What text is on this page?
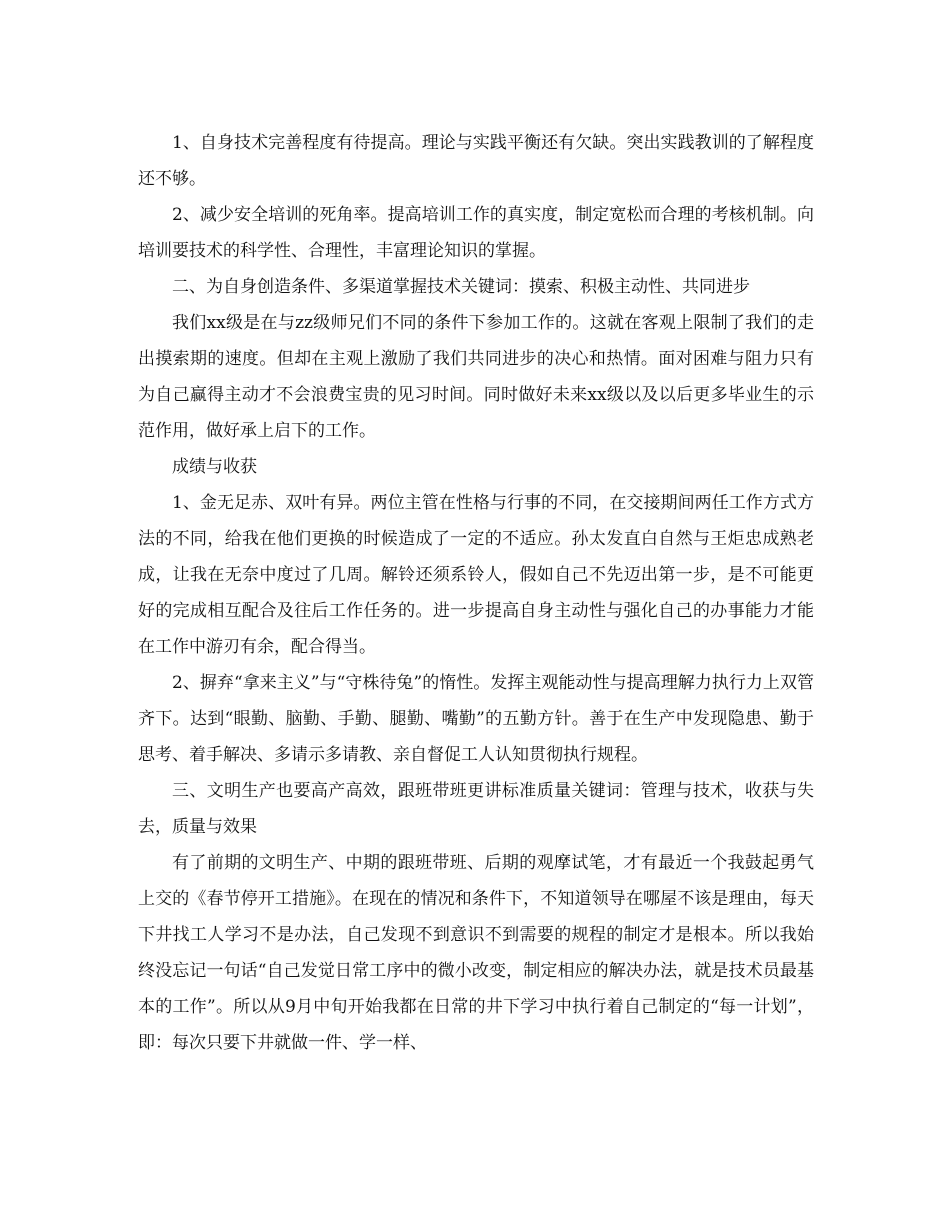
1、自身技术完善程度有待提高。理论与实践平衡还有欠缺。突出实践教训的了解程度还不够。

2、减少安全培训的死角率。提高培训工作的真实度，制定宽松而合理的考核机制。向培训要技术的科学性、合理性，丰富理论知识的掌握。

二、为自身创造条件、多渠道掌握技术关键词：摸索、积极主动性、共同进步

我们xx级是在与zz级师兄们不同的条件下参加工作的。这就在客观上限制了我们的走出摸索期的速度。但却在主观上激励了我们共同进步的决心和热情。面对困难与阻力只有为自己赢得主动才不会浪费宝贵的见习时间。同时做好未来xx级以及以后更多毕业生的示范作用，做好承上启下的工作。

成绩与收获

1、金无足赤、双叶有异。两位主管在性格与行事的不同，在交接期间两任工作方式方法的不同，给我在他们更换的时候造成了一定的不适应。孙太发直白自然与王炬忠成熟老成，让我在无奈中度过了几周。解铃还须系铃人，假如自己不先迈出第一步，是不可能更好的完成相互配合及往后工作任务的。进一步提高自身主动性与强化自己的办事能力才能在工作中游刃有余，配合得当。

2、摒弃“拿来主义”与“守株待兔”的惰性。发挥主观能动性与提高理解力执行力上双管齐下。达到“眼勤、脑勤、手勤、腿勤、嘴勤”的五勤方针。善于在生产中发现隐患、勤于思考、着手解决、多请示多请教、亲自督促工人认知贯彻执行规程。

三、文明生产也要高产高效，跟班带班更讲标准质量关键词：管理与技术，收获与失去，质量与效果

有了前期的文明生产、中期的跟班带班、后期的观摩试笔，才有最近一个我鼓起勇气上交的《春节停开工措施》。在现在的情况和条件下，不知道领导在哪屋不该是理由，每天下井找工人学习不是办法，自己发现不到意识不到需要的规程的制定才是根本。所以我始终没忘记一句话“自己发觉日常工序中的微小改变，制定相应的解决办法，就是技术员最基本的工作”。所以从9月中旬开始我都在日常的井下学习中执行着自己制定的“每一计划”，即：每次只要下井就做一件、学一样、
